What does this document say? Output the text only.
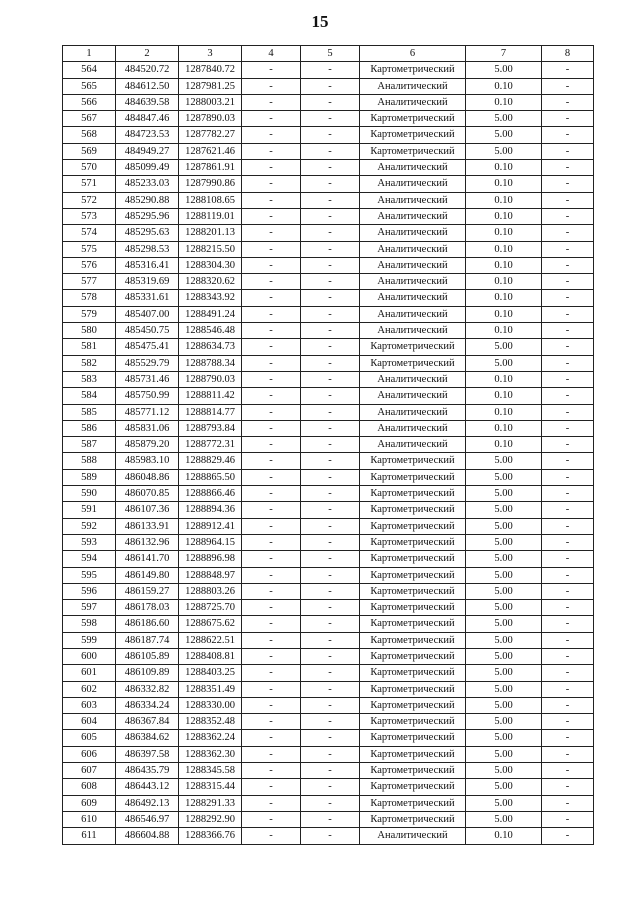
15
1	2	3	4	5	6	7	8
564	484520.72	1287840.72	-	-	Картометрический	5.00	-
565	484612.50	1287981.25	-	-	Аналитический	0.10	-
566	484639.58	1288003.21	-	-	Аналитический	0.10	-
567	484847.46	1287890.03	-	-	Картометрический	5.00	-
568	484723.53	1287782.27	-	-	Картометрический	5.00	-
569	484949.27	1287621.46	-	-	Картометрический	5.00	-
570	485099.49	1287861.91	-	-	Аналитический	0.10	-
571	485233.03	1287990.86	-	-	Аналитический	0.10	-
572	485290.88	1288108.65	-	-	Аналитический	0.10	-
573	485295.96	1288119.01	-	-	Аналитический	0.10	-
574	485295.63	1288201.13	-	-	Аналитический	0.10	-
575	485298.53	1288215.50	-	-	Аналитический	0.10	-
576	485316.41	1288304.30	-	-	Аналитический	0.10	-
577	485319.69	1288320.62	-	-	Аналитический	0.10	-
578	485331.61	1288343.92	-	-	Аналитический	0.10	-
579	485407.00	1288491.24	-	-	Аналитический	0.10	-
580	485450.75	1288546.48	-	-	Аналитический	0.10	-
581	485475.41	1288634.73	-	-	Картометрический	5.00	-
582	485529.79	1288788.34	-	-	Картометрический	5.00	-
583	485731.46	1288790.03	-	-	Аналитический	0.10	-
584	485750.99	1288811.42	-	-	Аналитический	0.10	-
585	485771.12	1288814.77	-	-	Аналитический	0.10	-
586	485831.06	1288793.84	-	-	Аналитический	0.10	-
587	485879.20	1288772.31	-	-	Аналитический	0.10	-
588	485983.10	1288829.46	-	-	Картометрический	5.00	-
589	486048.86	1288865.50	-	-	Картометрический	5.00	-
590	486070.85	1288866.46	-	-	Картометрический	5.00	-
591	486107.36	1288894.36	-	-	Картометрический	5.00	-
592	486133.91	1288912.41	-	-	Картометрический	5.00	-
593	486132.96	1288964.15	-	-	Картометрический	5.00	-
594	486141.70	1288896.98	-	-	Картометрический	5.00	-
595	486149.80	1288848.97	-	-	Картометрический	5.00	-
596	486159.27	1288803.26	-	-	Картометрический	5.00	-
597	486178.03	1288725.70	-	-	Картометрический	5.00	-
598	486186.60	1288675.62	-	-	Картометрический	5.00	-
599	486187.74	1288622.51	-	-	Картометрический	5.00	-
600	486105.89	1288408.81	-	-	Картометрический	5.00	-
601	486109.89	1288403.25	-	-	Картометрический	5.00	-
602	486332.82	1288351.49	-	-	Картометрический	5.00	-
603	486334.24	1288330.00	-	-	Картометрический	5.00	-
604	486367.84	1288352.48	-	-	Картометрический	5.00	-
605	486384.62	1288362.24	-	-	Картометрический	5.00	-
606	486397.58	1288362.30	-	-	Картометрический	5.00	-
607	486435.79	1288345.58	-	-	Картометрический	5.00	-
608	486443.12	1288315.44	-	-	Картометрический	5.00	-
609	486492.13	1288291.33	-	-	Картометрический	5.00	-
610	486546.97	1288292.90	-	-	Картометрический	5.00	-
611	486604.88	1288366.76	-	-	Аналитический	0.10	-
